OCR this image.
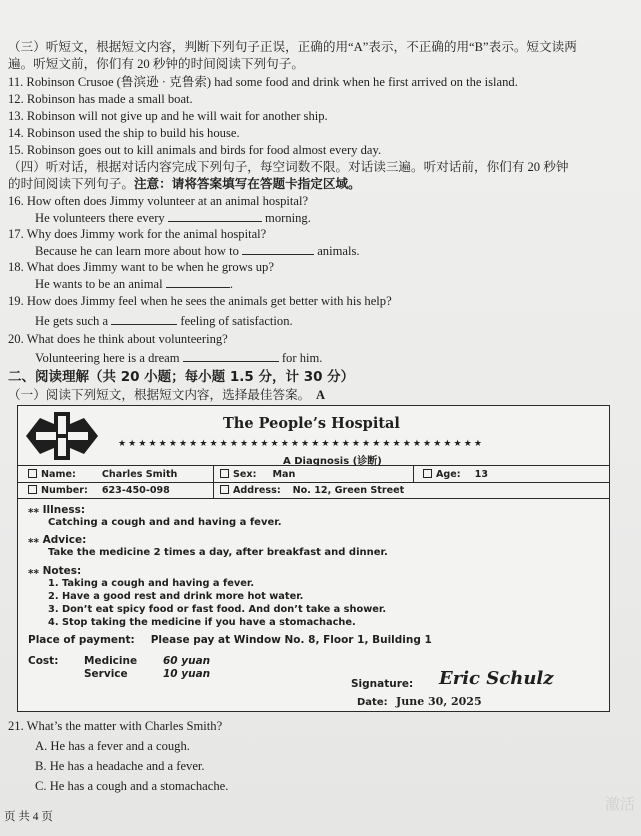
（三）听短文，根据短文内容，判断下列句子正误，正确的用“A”表示，不正确的用“B”表示。短文读两
遍。听短文前，你们有 20 秒钟的时间阅读下列句子。
11. Robinson Crusoe (鲁滨逊 · 克鲁索) had some food and drink when he first arrived on the island.
12. Robinson has made a small boat.
13. Robinson will not give up and he will wait for another ship.
14. Robinson used the ship to build his house.
15. Robinson goes out to kill animals and birds for food almost every day.
（四）听对话，根据对话内容完成下列句子，每空词数不限。对话读三遍。听对话前，你们有 20 秒钟
的时间阅读下列句子。注意：请将答案填写在答题卡指定区域。
16. How often does Jimmy volunteer at an animal hospital?
He volunteers there every	morning.
17. Why does Jimmy work for the animal hospital?
Because he can learn more about how to	animals.
18. What does Jimmy want to be when he grows up?
He wants to be an animal	.
19. How does Jimmy feel when he sees the animals get better with his help?
He gets such a	feeling of satisfaction.
20. What does he think about volunteering?
Volunteering here is a dream	for him.
二、阅读理解（共 20 小题；每小题 1.5 分，计 30 分）
（一）阅读下列短文，根据短文内容，选择最佳答案。 A
The People’s Hospital
★★★★★★★★★★★★★★★★★★★★★★★★★★★★★★★★★★★★
A Diagnosis (诊断)
Name:	Charles Smith	Sex: Man	Age: 13
Number: 623-450-098	Address: No. 12, Green Street
⁎⁎ Illness:
Catching a cough and and having a fever.
⁎⁎ Advice:
Take the medicine 2 times a day, after breakfast and dinner.
⁎⁎ Notes:
1. Taking a cough and having a fever.
2. Have a good rest and drink more hot water.
3. Don’t eat spicy food or fast food. And don’t take a shower.
4. Stop taking the medicine if you have a stomachache.
Place of payment: Please pay at Window No. 8, Floor 1, Building 1
Cost: Medicine 60 yuan
Service	10 yuan
Signature: Eric Schulz
Date: June 30, 2025
21. What’s the matter with Charles Smith?
A. He has a fever and a cough.
B. He has a headache and a fever.
C. He has a cough and a stomachache.
页 共 4 页
激活
